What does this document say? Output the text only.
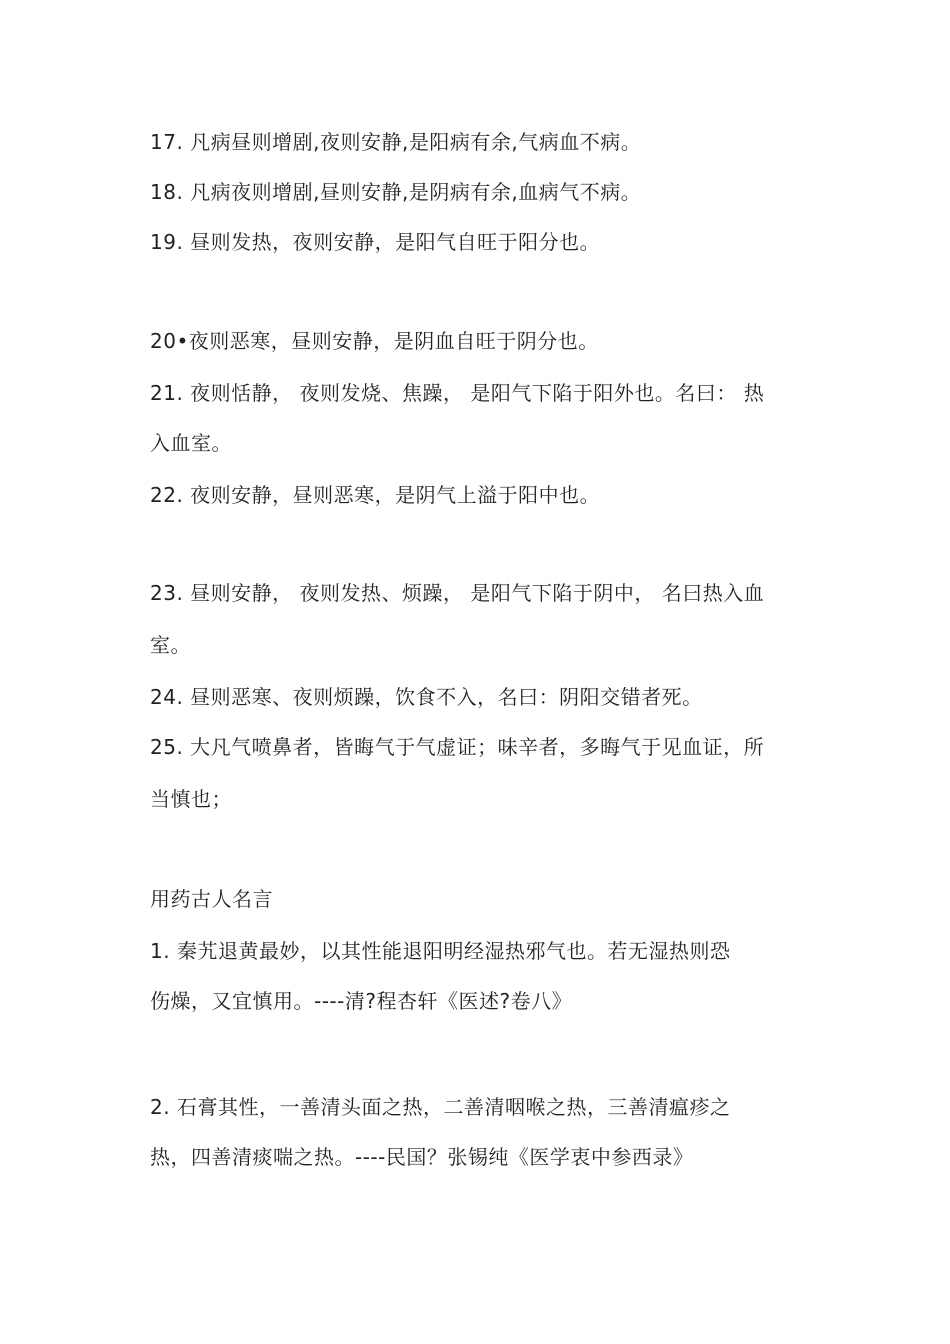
17. 凡病昼则增剧,夜则安静,是阳病有余,气病血不病。
18. 凡病夜则增剧,昼则安静,是阴病有余,血病气不病。
19. 昼则发热，夜则安静，是阳气自旺于阳分也。
20•夜则恶寒，昼则安静，是阴血自旺于阴分也。
21. 夜则恬静， 夜则发烧、焦躁， 是阳气下陷于阳外也。名曰： 热
入血室。
22. 夜则安静，昼则恶寒，是阴气上溢于阳中也。
23. 昼则安静， 夜则发热、烦躁， 是阳气下陷于阴中， 名曰热入血
室。
24. 昼则恶寒、夜则烦躁，饮食不入，名曰：阴阳交错者死。
25. 大凡气喷鼻者，皆晦气于气虚证；味辛者，多晦气于见血证，所
当慎也；
用药古人名言
1. 秦艽退黄最妙，以其性能退阳明经湿热邪气也。若无湿热则恐
伤燥，又宜慎用。----清?程杏轩《医述?卷八》
2. 石膏其性，一善清头面之热，二善清咽喉之热，三善清瘟疹之
热，四善清痰喘之热。----民国？张锡纯《医学衷中参西录》
